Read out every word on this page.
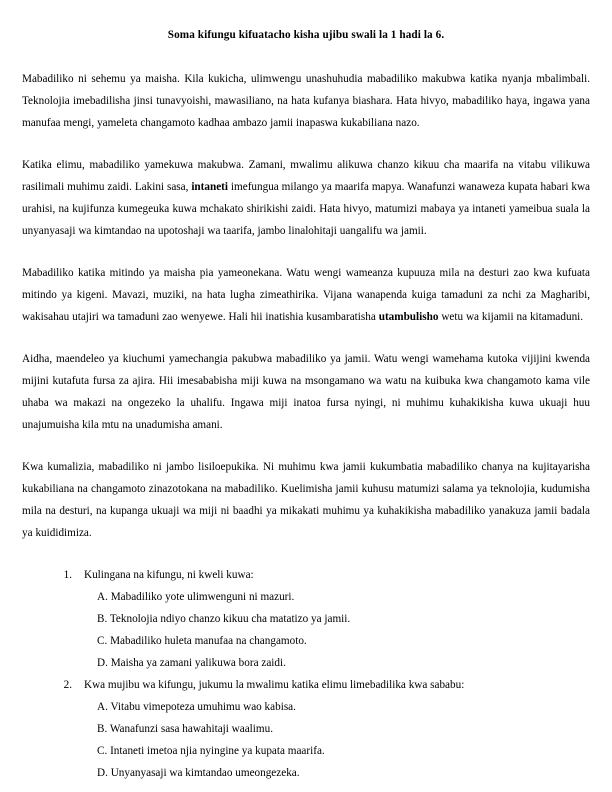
Soma kifungu kifuatacho kisha ujibu swali la 1 hadi la 6.

Mabadiliko ni sehemu ya maisha. Kila kukicha, ulimwengu unashuhudia mabadiliko makubwa katika nyanja mbalimbali. Teknolojia imebadilisha jinsi tunavyoishi, mawasiliano, na hata kufanya biashara. Hata hivyo, mabadiliko haya, ingawa yana manufaa mengi, yameleta changamoto kadhaa ambazo jamii inapaswa kukabiliana nazo.

Katika elimu, mabadiliko yamekuwa makubwa. Zamani, mwalimu alikuwa chanzo kikuu cha maarifa na vitabu vilikuwa rasilimali muhimu zaidi. Lakini sasa, intaneti imefungua milango ya maarifa mapya. Wanafunzi wanaweza kupata habari kwa urahisi, na kujifunza kumegeuka kuwa mchakato shirikishi zaidi. Hata hivyo, matumizi mabaya ya intaneti yameibua suala la unyanyasaji wa kimtandao na upotoshaji wa taarifa, jambo linalohitaji uangalifu wa jamii.

Mabadiliko katika mitindo ya maisha pia yameonekana. Watu wengi wameanza kupuuza mila na desturi zao kwa kufuata mitindo ya kigeni. Mavazi, muziki, na hata lugha zimeathirika. Vijana wanapenda kuiga tamaduni za nchi za Magharibi, wakisahau utajiri wa tamaduni zao wenyewe. Hali hii inatishia kusambaratisha utambulisho wetu wa kijamii na kitamaduni.

Aidha, maendeleo ya kiuchumi yamechangia pakubwa mabadiliko ya jamii. Watu wengi wamehama kutoka vijijini kwenda mijini kutafuta fursa za ajira. Hii imesababisha miji kuwa na msongamano wa watu na kuibuka kwa changamoto kama vile uhaba wa makazi na ongezeko la uhalifu. Ingawa miji inatoa fursa nyingi, ni muhimu kuhakikisha kuwa ukuaji huu unajumuisha kila mtu na unadumisha amani.

Kwa kumalizia, mabadiliko ni jambo lisiloepukika. Ni muhimu kwa jamii kukumbatia mabadiliko chanya na kujitayarisha kukabiliana na changamoto zinazotokana na mabadiliko. Kuelimisha jamii kuhusu matumizi salama ya teknolojia, kudumisha mila na desturi, na kupanga ukuaji wa miji ni baadhi ya mikakati muhimu ya kuhakikisha mabadiliko yanakuza jamii badala ya kuididimiza.

1. Kulingana na kifungu, ni kweli kuwa:
A. Mabadiliko yote ulimwenguni ni mazuri.
B. Teknolojia ndiyo chanzo kikuu cha matatizo ya jamii.
C. Mabadiliko huleta manufaa na changamoto.
D. Maisha ya zamani yalikuwa bora zaidi.
2. Kwa mujibu wa kifungu, jukumu la mwalimu katika elimu limebadilika kwa sababu:
A. Vitabu vimepoteza umuhimu wao kabisa.
B. Wanafunzi sasa hawahitaji waalimu.
C. Intaneti imetoa njia nyingine ya kupata maarifa.
D. Unyanyasaji wa kimtandao umeongezeka.
